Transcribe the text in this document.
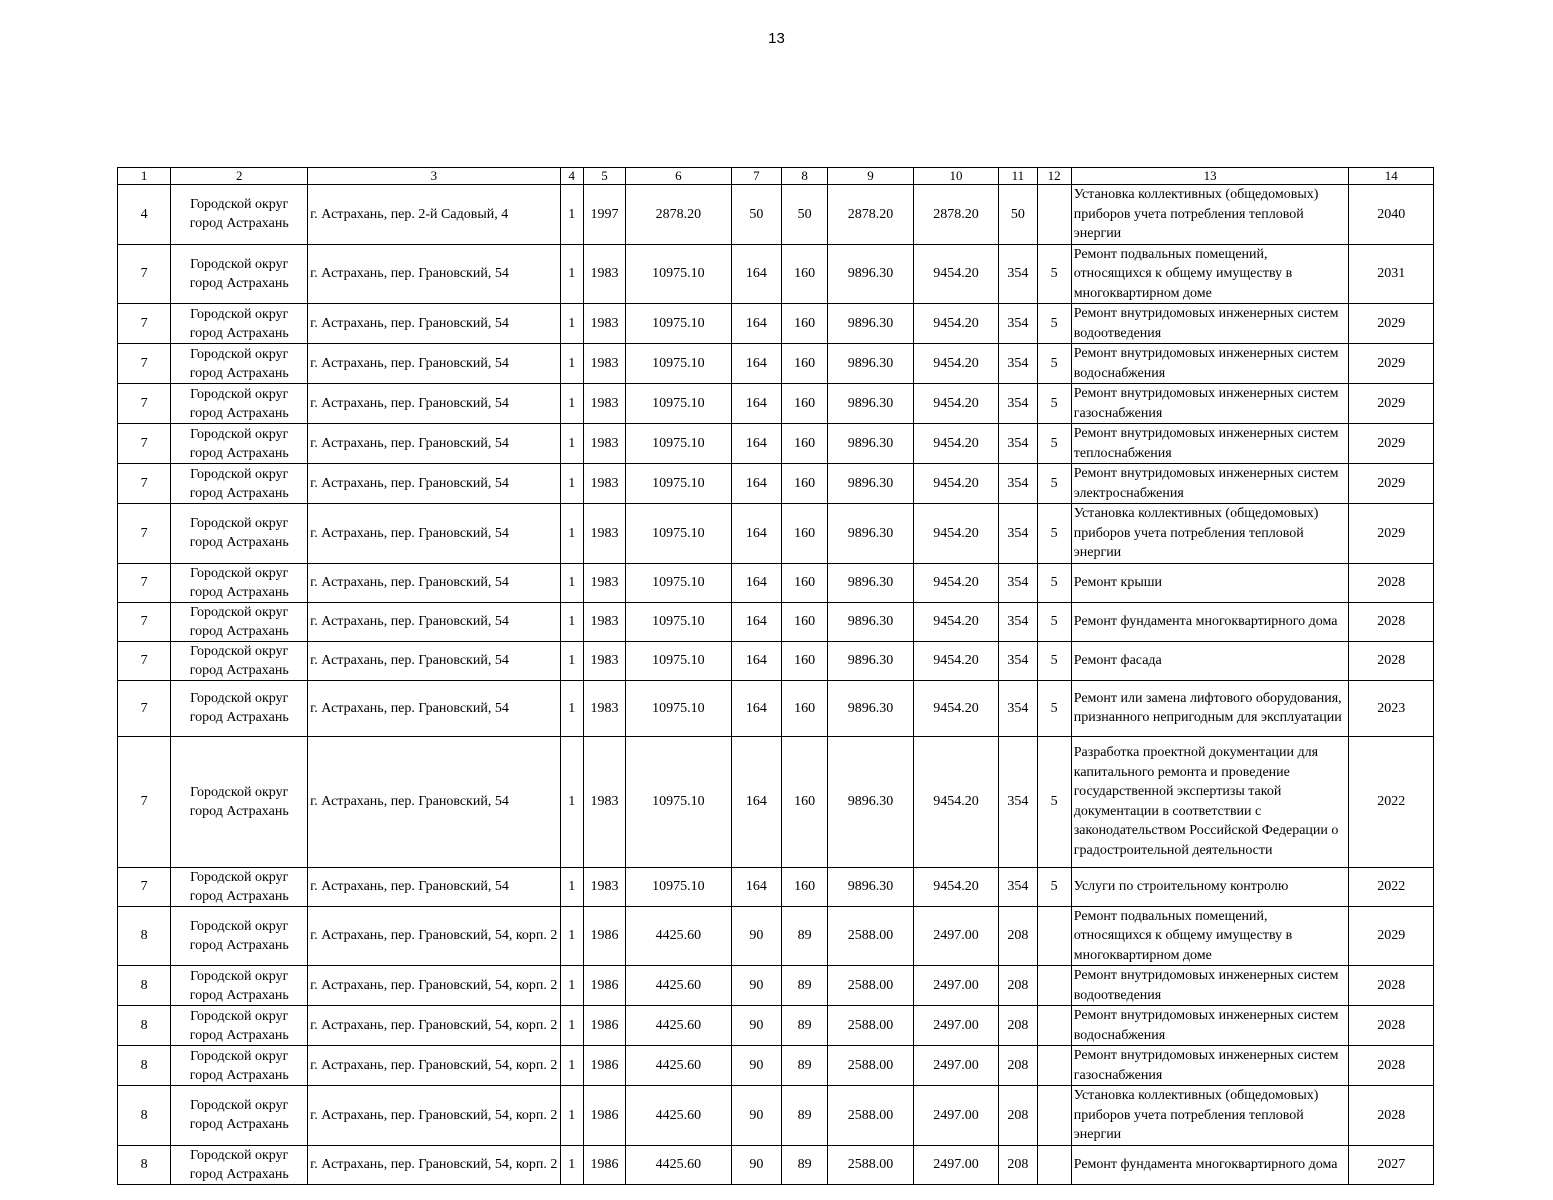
13
1	2	3	4	5	6	7	8	9	10	11	12	13	14
4	Городской округ город Астрахань	г. Астрахань, пер. 2-й Садовый, 4	1	1997	2878.20	50	50	2878.20	2878.20	50		Установка коллективных (общедомовых) приборов учета потребления тепловой энергии	2040
7	Городской округ город Астрахань	г. Астрахань, пер. Грановский, 54	1	1983	10975.10	164	160	9896.30	9454.20	354	5	Ремонт подвальных помещений, относящихся к общему имуществу в многоквартирном доме	2031
7	Городской округ город Астрахань	г. Астрахань, пер. Грановский, 54	1	1983	10975.10	164	160	9896.30	9454.20	354	5	Ремонт внутридомовых инженерных систем водоотведения	2029
7	Городской округ город Астрахань	г. Астрахань, пер. Грановский, 54	1	1983	10975.10	164	160	9896.30	9454.20	354	5	Ремонт внутридомовых инженерных систем водоснабжения	2029
7	Городской округ город Астрахань	г. Астрахань, пер. Грановский, 54	1	1983	10975.10	164	160	9896.30	9454.20	354	5	Ремонт внутридомовых инженерных систем газоснабжения	2029
7	Городской округ город Астрахань	г. Астрахань, пер. Грановский, 54	1	1983	10975.10	164	160	9896.30	9454.20	354	5	Ремонт внутридомовых инженерных систем теплоснабжения	2029
7	Городской округ город Астрахань	г. Астрахань, пер. Грановский, 54	1	1983	10975.10	164	160	9896.30	9454.20	354	5	Ремонт внутридомовых инженерных систем электроснабжения	2029
7	Городской округ город Астрахань	г. Астрахань, пер. Грановский, 54	1	1983	10975.10	164	160	9896.30	9454.20	354	5	Установка коллективных (общедомовых) приборов учета потребления тепловой энергии	2029
7	Городской округ город Астрахань	г. Астрахань, пер. Грановский, 54	1	1983	10975.10	164	160	9896.30	9454.20	354	5	Ремонт крыши	2028
7	Городской округ город Астрахань	г. Астрахань, пер. Грановский, 54	1	1983	10975.10	164	160	9896.30	9454.20	354	5	Ремонт фундамента многоквартирного дома	2028
7	Городской округ город Астрахань	г. Астрахань, пер. Грановский, 54	1	1983	10975.10	164	160	9896.30	9454.20	354	5	Ремонт фасада	2028
7	Городской округ город Астрахань	г. Астрахань, пер. Грановский, 54	1	1983	10975.10	164	160	9896.30	9454.20	354	5	Ремонт или замена лифтового оборудования, признанного непригодным для эксплуатации	2023
7	Городской округ город Астрахань	г. Астрахань, пер. Грановский, 54	1	1983	10975.10	164	160	9896.30	9454.20	354	5	Разработка проектной документации для капитального ремонта и проведение государственной экспертизы такой документации в соответствии с законодательством Российской Федерации о градостроительной деятельности	2022
7	Городской округ город Астрахань	г. Астрахань, пер. Грановский, 54	1	1983	10975.10	164	160	9896.30	9454.20	354	5	Услуги по строительному контролю	2022
8	Городской округ город Астрахань	г. Астрахань, пер. Грановский, 54, корп. 2	1	1986	4425.60	90	89	2588.00	2497.00	208		Ремонт подвальных помещений, относящихся к общему имуществу в многоквартирном доме	2029
8	Городской округ город Астрахань	г. Астрахань, пер. Грановский, 54, корп. 2	1	1986	4425.60	90	89	2588.00	2497.00	208		Ремонт внутридомовых инженерных систем водоотведения	2028
8	Городской округ город Астрахань	г. Астрахань, пер. Грановский, 54, корп. 2	1	1986	4425.60	90	89	2588.00	2497.00	208		Ремонт внутридомовых инженерных систем водоснабжения	2028
8	Городской округ город Астрахань	г. Астрахань, пер. Грановский, 54, корп. 2	1	1986	4425.60	90	89	2588.00	2497.00	208		Ремонт внутридомовых инженерных систем газоснабжения	2028
8	Городской округ город Астрахань	г. Астрахань, пер. Грановский, 54, корп. 2	1	1986	4425.60	90	89	2588.00	2497.00	208		Установка коллективных (общедомовых) приборов учета потребления тепловой энергии	2028
8	Городской округ город Астрахань	г. Астрахань, пер. Грановский, 54, корп. 2	1	1986	4425.60	90	89	2588.00	2497.00	208		Ремонт фундамента многоквартирного дома	2027
